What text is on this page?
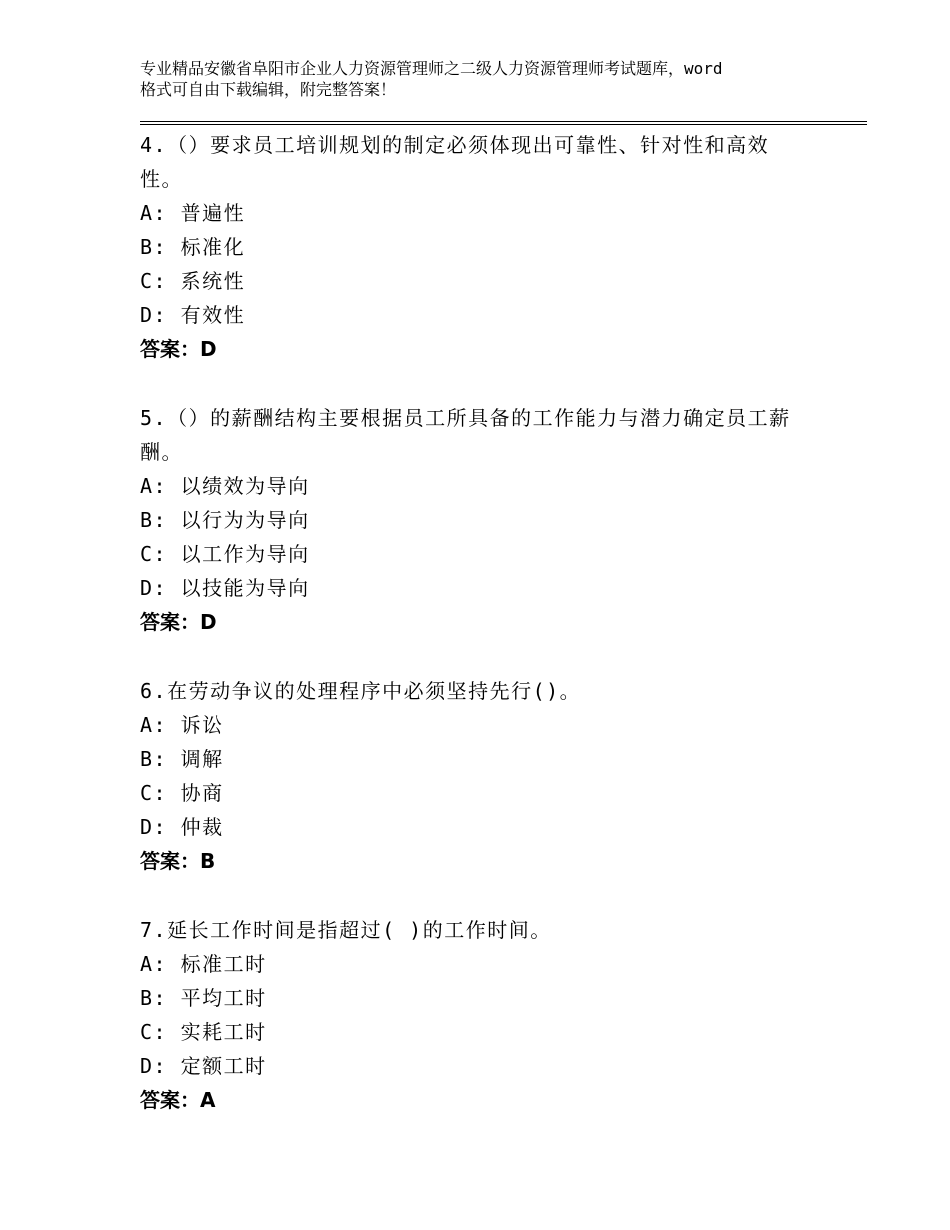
专业精品安徽省阜阳市企业人力资源管理师之二级人力资源管理师考试题库，word
格式可自由下载编辑，附完整答案！
4.（）要求员工培训规划的制定必须体现出可靠性、针对性和高效
性。
A: 普遍性
B: 标准化
C: 系统性
D: 有效性
答案：D
5.（）的薪酬结构主要根据员工所具备的工作能力与潜力确定员工薪
酬。
A: 以绩效为导向
B: 以行为为导向
C: 以工作为导向
D: 以技能为导向
答案：D
6.在劳动争议的处理程序中必须坚持先行()。
A: 诉讼
B: 调解
C: 协商
D: 仲裁
答案：B
7.延长工作时间是指超过( )的工作时间。
A: 标准工时
B: 平均工时
C: 实耗工时
D: 定额工时
答案：A
